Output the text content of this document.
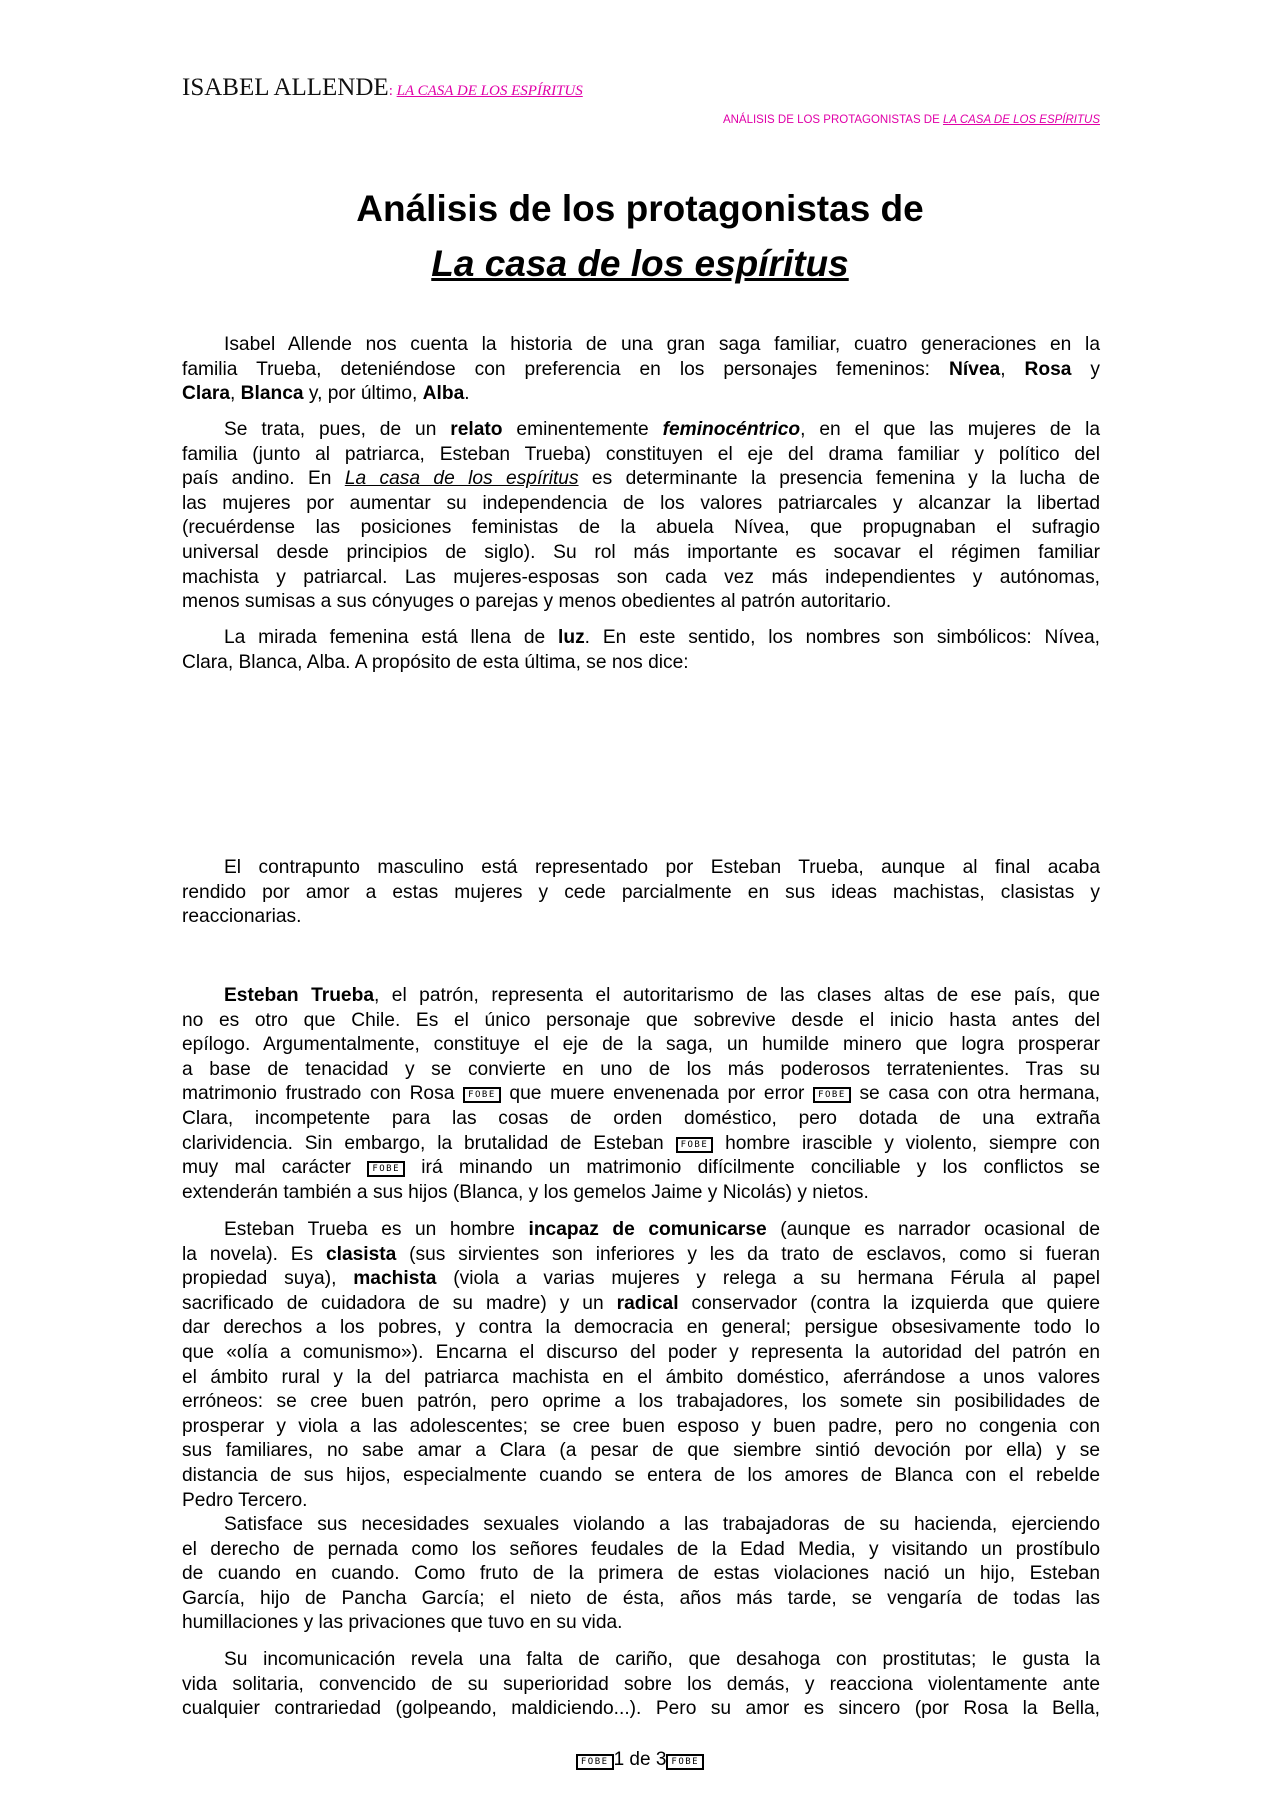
ISABEL ALLENDE: LA CASA DE LOS ESPÍRITUS
ANÁLISIS DE LOS PROTAGONISTAS DE LA CASA DE LOS ESPÍRITUS
Análisis de los protagonistas de
La casa de los espíritus
Isabel Allende nos cuenta la historia de una gran saga familiar, cuatro generaciones en la
familia Trueba, deteniéndose con preferencia en los personajes femeninos: Nívea, Rosa y
Clara, Blanca y, por último, Alba.
Se trata, pues, de un relato eminentemente feminocéntrico, en el que las mujeres de la
familia (junto al patriarca, Esteban Trueba) constituyen el eje del drama familiar y político del
país andino. En La casa de los espíritus es determinante la presencia femenina y la lucha de
las mujeres por aumentar su independencia de los valores patriarcales y alcanzar la libertad
(recuérdense las posiciones feministas de la abuela Nívea, que propugnaban el sufragio
universal desde principios de siglo). Su rol más importante es socavar el régimen familiar
machista y patriarcal. Las mujeres-esposas son cada vez más independientes y autónomas,
menos sumisas a sus cónyuges o parejas y menos obedientes al patrón autoritario.
La mirada femenina está llena de luz. En este sentido, los nombres son simbólicos: Nívea,
Clara, Blanca, Alba. A propósito de esta última, se nos dice:
El contrapunto masculino está representado por Esteban Trueba, aunque al final acaba
rendido por amor a estas mujeres y cede parcialmente en sus ideas machistas, clasistas y
reaccionarias.
Esteban Trueba, el patrón, representa el autoritarismo de las clases altas de ese país, que
no es otro que Chile. Es el único personaje que sobrevive desde el inicio hasta antes del
epílogo. Argumentalmente, constituye el eje de la saga, un humilde minero que logra prosperar
a base de tenacidad y se convierte en uno de los más poderosos terratenientes. Tras su
matrimonio frustrado con Rosa FOBE que muere envenenada por error FOBE se casa con otra hermana,
Clara, incompetente para las cosas de orden doméstico, pero dotada de una extraña
clarividencia. Sin embargo, la brutalidad de Esteban FOBE hombre irascible y violento, siempre con
muy mal carácter FOBE irá minando un matrimonio difícilmente conciliable y los conflictos se
extenderán también a sus hijos (Blanca, y los gemelos Jaime y Nicolás) y nietos.
Esteban Trueba es un hombre incapaz de comunicarse (aunque es narrador ocasional de
la novela). Es clasista (sus sirvientes son inferiores y les da trato de esclavos, como si fueran
propiedad suya), machista (viola a varias mujeres y relega a su hermana Férula al papel
sacrificado de cuidadora de su madre) y un radical conservador (contra la izquierda que quiere
dar derechos a los pobres, y contra la democracia en general; persigue obsesivamente todo lo
que «olía a comunismo»). Encarna el discurso del poder y representa la autoridad del patrón en
el ámbito rural y la del patriarca machista en el ámbito doméstico, aferrándose a unos valores
erróneos: se cree buen patrón, pero oprime a los trabajadores, los somete sin posibilidades de
prosperar y viola a las adolescentes; se cree buen esposo y buen padre, pero no congenia con
sus familiares, no sabe amar a Clara (a pesar de que siembre sintió devoción por ella) y se
distancia de sus hijos, especialmente cuando se entera de los amores de Blanca con el rebelde
Pedro Tercero.
Satisface sus necesidades sexuales violando a las trabajadoras de su hacienda, ejerciendo
el derecho de pernada como los señores feudales de la Edad Media, y visitando un prostíbulo
de cuando en cuando. Como fruto de la primera de estas violaciones nació un hijo, Esteban
García, hijo de Pancha García; el nieto de ésta, años más tarde, se vengaría de todas las
humillaciones y las privaciones que tuvo en su vida.
Su incomunicación revela una falta de cariño, que desahoga con prostitutas; le gusta la
vida solitaria, convencido de su superioridad sobre los demás, y reacciona violentamente ante
cualquier contrariedad (golpeando, maldiciendo...). Pero su amor es sincero (por Rosa la Bella,
FOBE 1 de 3 FOBE
